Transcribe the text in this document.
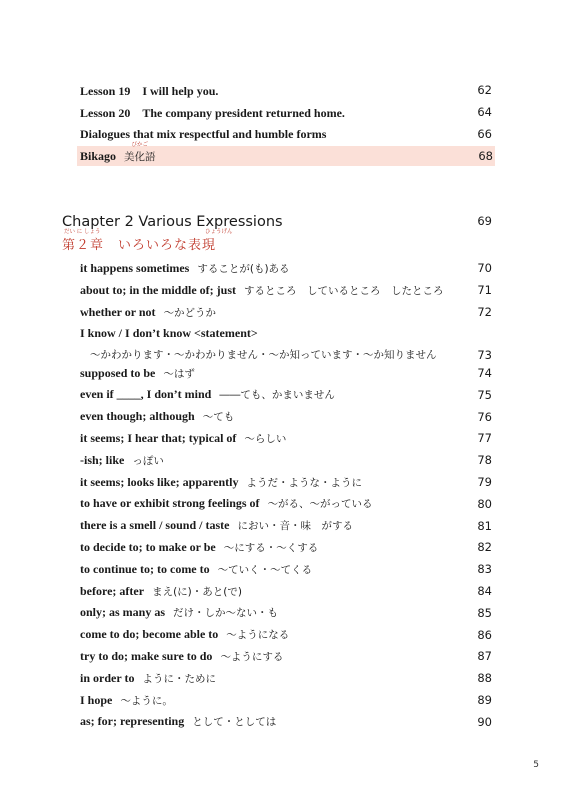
Lesson 19　I will help you.	62
Lesson 20　The company president returned home.	64
Dialogues that mix respectful and humble forms	66
Bikago
びかご
美化語	68
Chapter 2 Various Expressions	69
だい に しょう	ひょうげん
第２章　いろいろな表現
it happens sometimes することが(も)ある	70
about to; in the middle of; just するところ　しているところ　したところ	71
whether or not ～かどうか	72
I know / I don’t know <statement>
～かわかります・～かわかりません・～か知っています・～か知りません	73
supposed to be ～はず	74
even if ____, I don’t mind ――ても、かまいません	75
even though; although ～ても	76
it seems; I hear that; typical of ～らしい	77
-ish; like っぽい	78
it seems; looks like; apparently ようだ・ような・ように	79
to have or exhibit strong feelings of ～がる、～がっている	80
there is a smell / sound / taste におい・音・味　がする	81
to decide to; to make or be ～にする・～くする	82
to continue to; to come to ～ていく・～てくる	83
before; after まえ(に)・あと(で)	84
only; as many as だけ・しか～ない・も	85
come to do; become able to ～ようになる	86
try to do; make sure to do ～ようにする	87
in order to ように・ために	88
I hope ～ように。	89
as; for; representing として・としては	90
5
